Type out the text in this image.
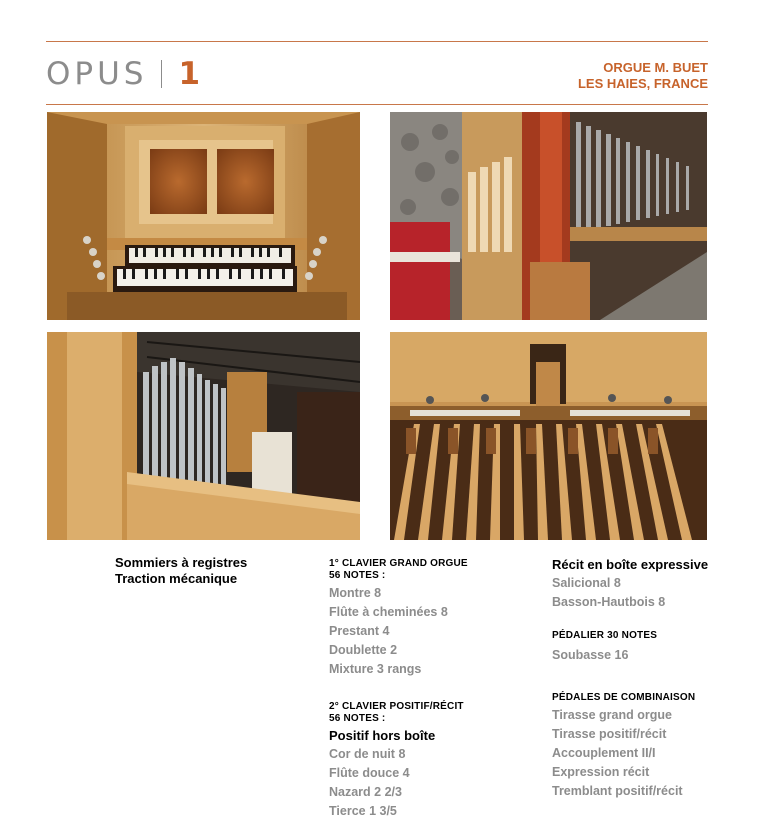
OPUS 1	ORGUE M. BUET
LES HAIES, FRANCE
Sommiers à registres
Traction mécanique
1° CLAVIER GRAND ORGUE
56 NOTES :
Montre 8
Flûte à cheminées 8
Prestant 4
Doublette 2
Mixture 3 rangs
2° CLAVIER POSITIF/RÉCIT
56 NOTES :
Positif hors boîte
Cor de nuit 8
Flûte douce 4
Nazard 2 2/3
Tierce 1 3/5
Récit en boîte expressive
Salicional 8
Basson-Hautbois 8
PÉDALIER 30 NOTES
Soubasse 16
PÉDALES DE COMBINAISON
Tirasse grand orgue
Tirasse positif/récit
Accouplement II/I
Expression récit
Tremblant positif/récit
